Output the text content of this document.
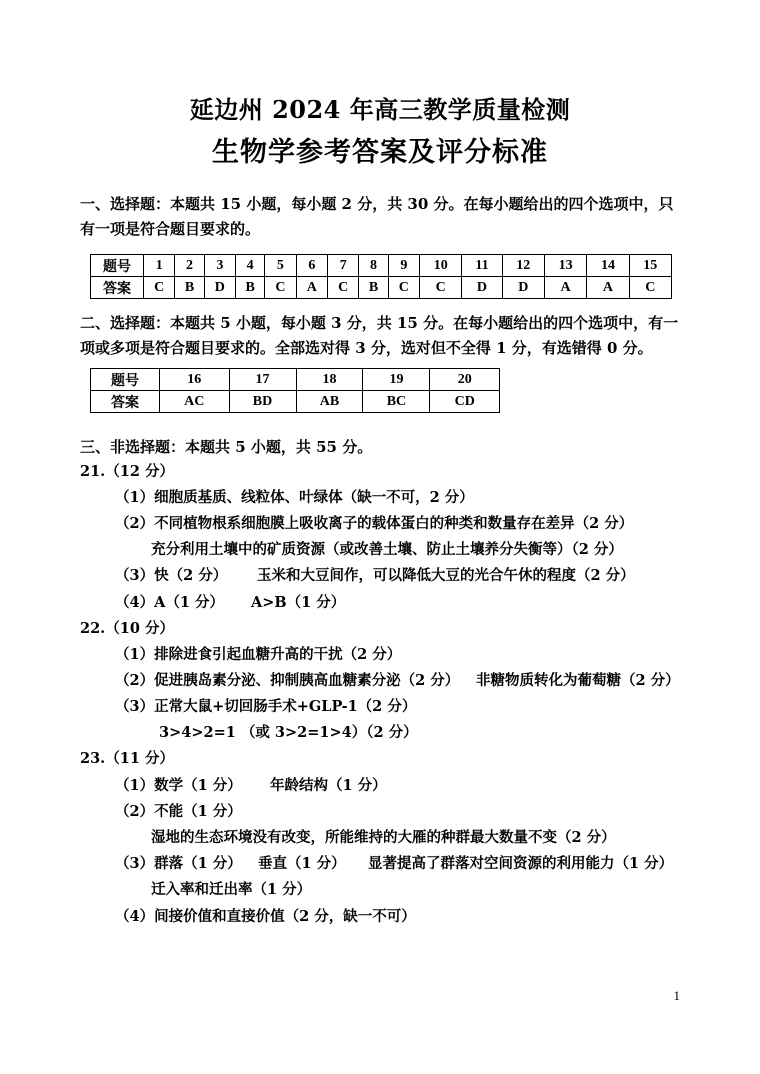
延边州 2024 年高三教学质量检测
生物学参考答案及评分标准
一、选择题：本题共 15 小题，每小题 2 分，共 30 分。在每小题给出的四个选项中，只有一项是符合题目要求的。
题号	1	2	3	4	5	6	7	8	9	10	11	12	13	14	15
答案	C	B	D	B	C	A	C	B	C	C	D	D	A	A	C
二、选择题：本题共 5 小题，每小题 3 分，共 15 分。在每小题给出的四个选项中，有一项或多项是符合题目要求的。全部选对得 3 分，选对但不全得 1 分，有选错得 0 分。
题号	16	17	18	19	20
答案	AC	BD	AB	BC	CD
三、非选择题：本题共 5 小题，共 55 分。
21.（12 分）
（1）细胞质基质、线粒体、叶绿体（缺一不可，2 分）
（2）不同植物根系细胞膜上吸收离子的载体蛋白的种类和数量存在差异（2 分）
充分利用土壤中的矿质资源（或改善土壤、防止土壤养分失衡等）（2 分）
（3）快（2 分） 玉米和大豆间作，可以降低大豆的光合午休的程度（2 分）
（4）A（1 分） A>B（1 分）
22.（10 分）
（1）排除进食引起血糖升高的干扰（2 分）
（2）促进胰岛素分泌、抑制胰高血糖素分泌（2 分） 非糖物质转化为葡萄糖（2 分）
（3）正常大鼠+切回肠手术+GLP-1（2 分）
3>4>2=1 （或 3>2=1>4）（2 分）
23.（11 分）
（1）数学（1 分） 年龄结构（1 分）
（2）不能（1 分）
湿地的生态环境没有改变，所能维持的大雁的种群最大数量不变（2 分）
（3）群落（1 分） 垂直（1 分） 显著提高了群落对空间资源的利用能力（1 分）
迁入率和迁出率（1 分）
（4）间接价值和直接价值（2 分，缺一不可）
1
